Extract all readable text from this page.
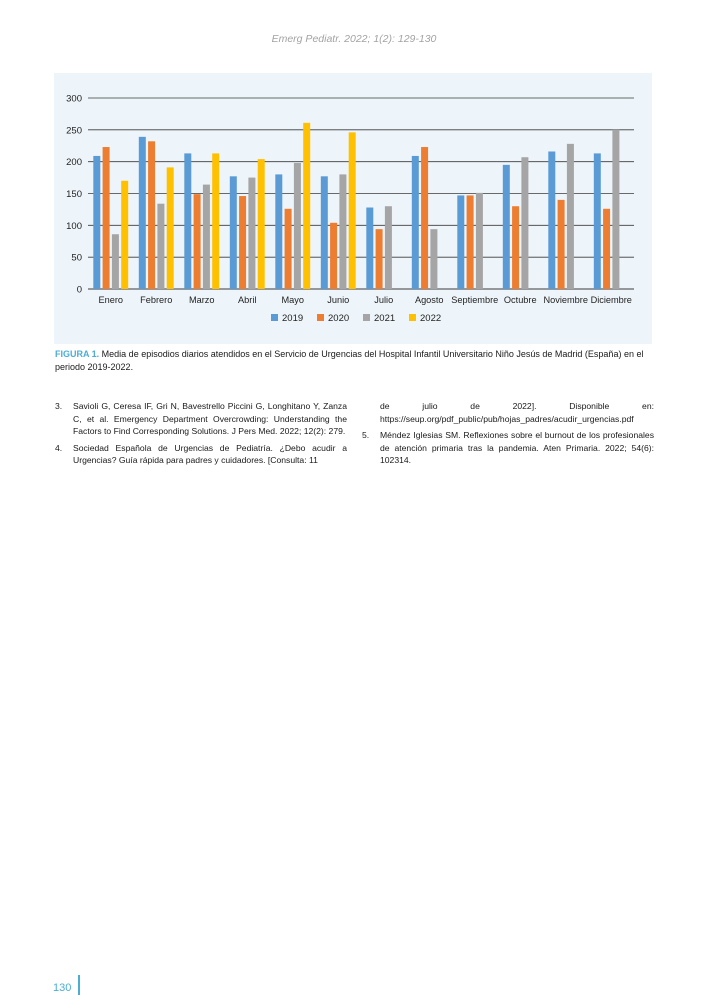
Emerg Pediatr. 2022; 1(2): 129-130
0
50
100
150
200
250
300
Enero Febrero Marzo	Abril	Mayo	Junio	Julio Agosto Septiembre Octubre Noviembre Diciembre
2019	2020	2021	2022
FIGURA 1. Media de episodios diarios atendidos en el Servicio de Urgencias del Hospital Infantil Universitario Niño Jesús de Madrid (España) en el periodo 2019-2022.
3.	Savioli G, Ceresa IF, Gri N, Bavestrello Piccini G, Longhitano Y, Zanza C, et al. Emergency Department Overcrowding: Understanding the Factors to Find Corresponding Solutions. J Pers Med. 2022; 12(2): 279.
4.	Sociedad Española de Urgencias de Pediatría. ¿Debo acudir a Urgencias? Guía rápida para padres y cuidadores. [Consulta: 11
de julio de 2022]. Disponible en: https://seup.org/pdf_public/pub/hojas_padres/acudir_urgencias.pdf
5.	Méndez Iglesias SM. Reflexiones sobre el burnout de los profesionales de atención primaria tras la pandemia. Aten Primaria. 2022; 54(6): 102314.
130
